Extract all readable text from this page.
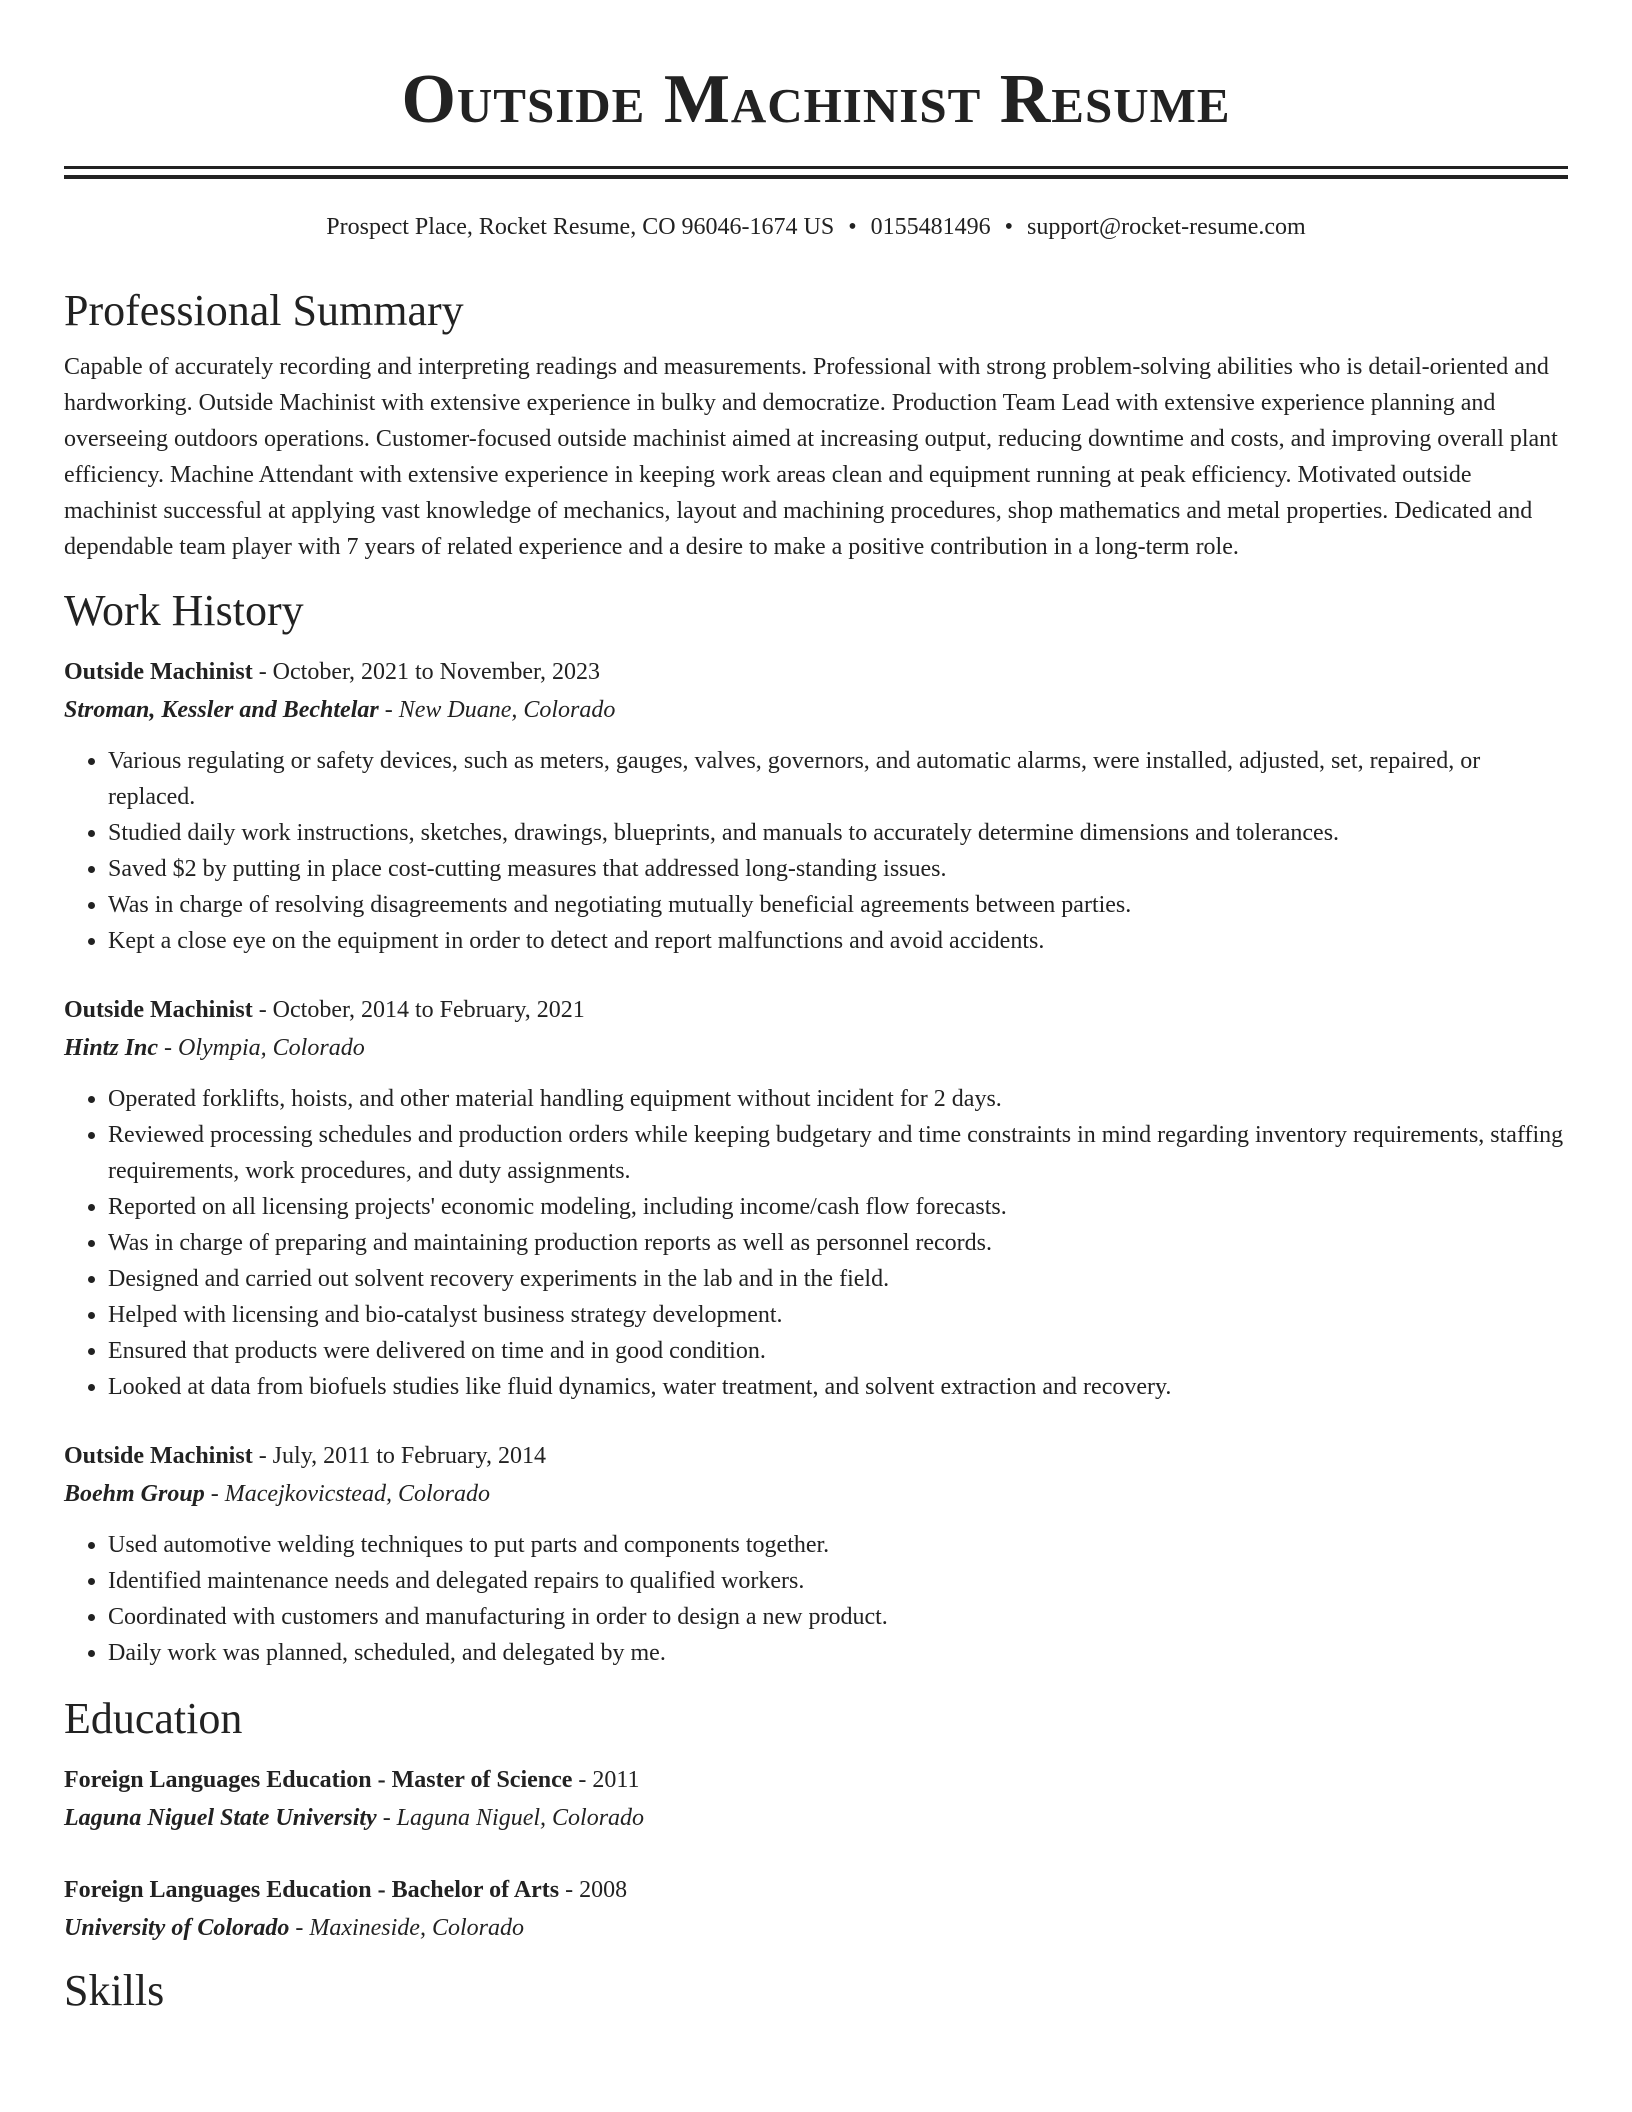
Outside Machinist Resume
Prospect Place, Rocket Resume, CO 96046-1674 US • 0155481496 • support@rocket-resume.com
Professional Summary

Capable of accurately recording and interpreting readings and measurements. Professional with strong problem-solving abilities who is detail-oriented and hardworking. Outside Machinist with extensive experience in bulky and democratize. Production Team Lead with extensive experience planning and overseeing outdoors operations. Customer-focused outside machinist aimed at increasing output, reducing downtime and costs, and improving overall plant efficiency. Machine Attendant with extensive experience in keeping work areas clean and equipment running at peak efficiency. Motivated outside machinist successful at applying vast knowledge of mechanics, layout and machining procedures, shop mathematics and metal properties. Dedicated and dependable team player with 7 years of related experience and a desire to make a positive contribution in a long-term role.

Work History
Outside Machinist - October, 2021 to November, 2023
Stroman, Kessler and Bechtelar - New Duane, Colorado
• Various regulating or safety devices, such as meters, gauges, valves, governors, and automatic alarms, were installed, adjusted, set, repaired, or replaced.
• Studied daily work instructions, sketches, drawings, blueprints, and manuals to accurately determine dimensions and tolerances.
• Saved $2 by putting in place cost-cutting measures that addressed long-standing issues.
• Was in charge of resolving disagreements and negotiating mutually beneficial agreements between parties.
• Kept a close eye on the equipment in order to detect and report malfunctions and avoid accidents.
Outside Machinist - October, 2014 to February, 2021
Hintz Inc - Olympia, Colorado
• Operated forklifts, hoists, and other material handling equipment without incident for 2 days.
• Reviewed processing schedules and production orders while keeping budgetary and time constraints in mind regarding inventory requirements, staffing requirements, work procedures, and duty assignments.
• Reported on all licensing projects' economic modeling, including income/cash flow forecasts.
• Was in charge of preparing and maintaining production reports as well as personnel records.
• Designed and carried out solvent recovery experiments in the lab and in the field.
• Helped with licensing and bio-catalyst business strategy development.
• Ensured that products were delivered on time and in good condition.
• Looked at data from biofuels studies like fluid dynamics, water treatment, and solvent extraction and recovery.
Outside Machinist - July, 2011 to February, 2014
Boehm Group - Macejkovicstead, Colorado
• Used automotive welding techniques to put parts and components together.
• Identified maintenance needs and delegated repairs to qualified workers.
• Coordinated with customers and manufacturing in order to design a new product.
• Daily work was planned, scheduled, and delegated by me.
Education
Foreign Languages Education - Master of Science - 2011
Laguna Niguel State University - Laguna Niguel, Colorado
Foreign Languages Education - Bachelor of Arts - 2008
University of Colorado - Maxineside, Colorado
Skills
